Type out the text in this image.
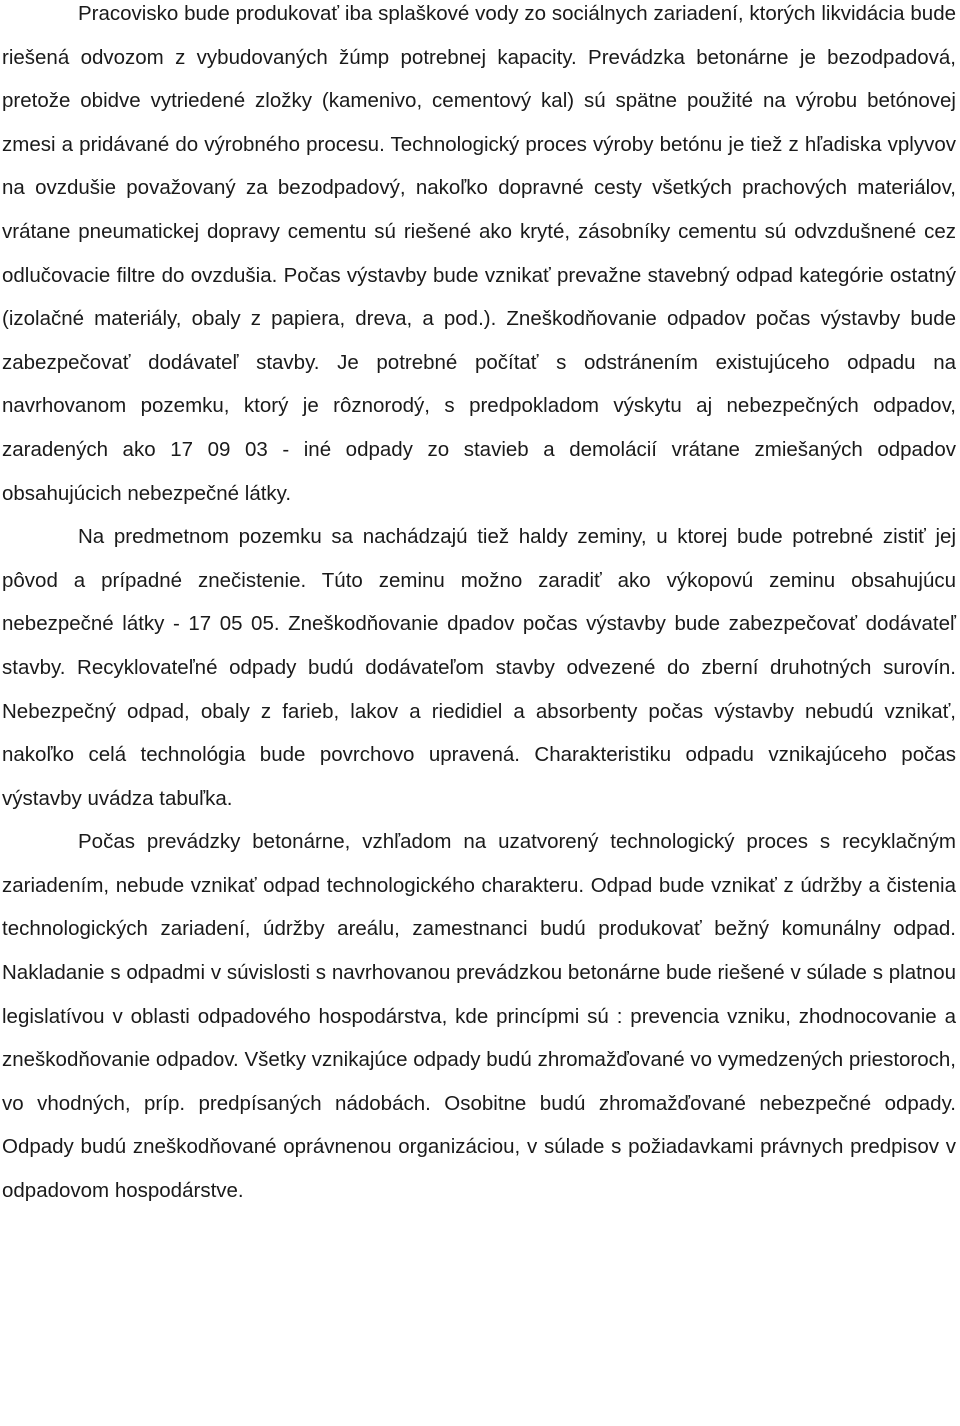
Pracovisko bude produkovať iba splaškové vody zo sociálnych zariadení, ktorých likvidácia bude riešená odvozom z vybudovaných žúmp potrebnej kapacity. Prevádzka betonárne je bezodpadová, pretože obidve vytriedené zložky (kamenivo, cementový kal) sú spätne použité na výrobu betónovej zmesi a pridávané do výrobného procesu. Technologický proces výroby betónu je tiež z hľadiska vplyvov na ovzdušie považovaný za bezodpadový, nakoľko dopravné cesty všetkých prachových materiálov, vrátane pneumatickej dopravy cementu sú riešené ako kryté, zásobníky cementu sú odvzdušnené cez odlučovacie filtre do ovzdušia. Počas výstavby bude vznikať prevažne stavebný odpad kategórie ostatný (izolačné materiály, obaly z papiera, dreva, a pod.). Zneškodňovanie odpadov počas výstavby bude zabezpečovať dodávateľ stavby. Je potrebné počítať s odstránením existujúceho odpadu na navrhovanom pozemku, ktorý je rôznorodý, s predpokladom výskytu aj nebezpečných odpadov, zaradených ako 17 09 03 - iné odpady zo stavieb a demolácií vrátane zmiešaných odpadov obsahujúcich nebezpečné látky.

Na predmetnom pozemku sa nachádzajú tiež haldy zeminy, u ktorej bude potrebné zistiť jej pôvod a prípadné znečistenie. Túto zeminu možno zaradiť ako výkopovú zeminu obsahujúcu nebezpečné látky - 17 05 05. Zneškodňovanie dpadov počas výstavby bude zabezpečovať dodávateľ stavby. Recyklovateľné odpady budú dodávateľom stavby odvezené do zberní druhotných surovín. Nebezpečný odpad, obaly z farieb, lakov a riedidiel a absorbenty počas výstavby nebudú vznikať, nakoľko celá technológia bude povrchovo upravená. Charakteristiku odpadu vznikajúceho počas výstavby uvádza tabuľka.

Počas prevádzky betonárne, vzhľadom na uzatvorený technologický proces s recyklačným zariadením, nebude vznikať odpad technologického charakteru. Odpad bude vznikať z údržby a čistenia technologických zariadení, údržby areálu, zamestnanci budú produkovať bežný komunálny odpad. Nakladanie s odpadmi v súvislosti s navrhovanou prevádzkou betonárne bude riešené v súlade s platnou legislatívou v oblasti odpadového hospodárstva, kde princípmi sú : prevencia vzniku, zhodnocovanie a zneškodňovanie odpadov. Všetky vznikajúce odpady budú zhromažďované vo vymedzených priestoroch, vo vhodných, príp. predpísaných nádobách. Osobitne budú zhromažďované nebezpečné odpady. Odpady budú zneškodňované oprávnenou organizáciou, v súlade s požiadavkami právnych predpisov v odpadovom hospodárstve.
